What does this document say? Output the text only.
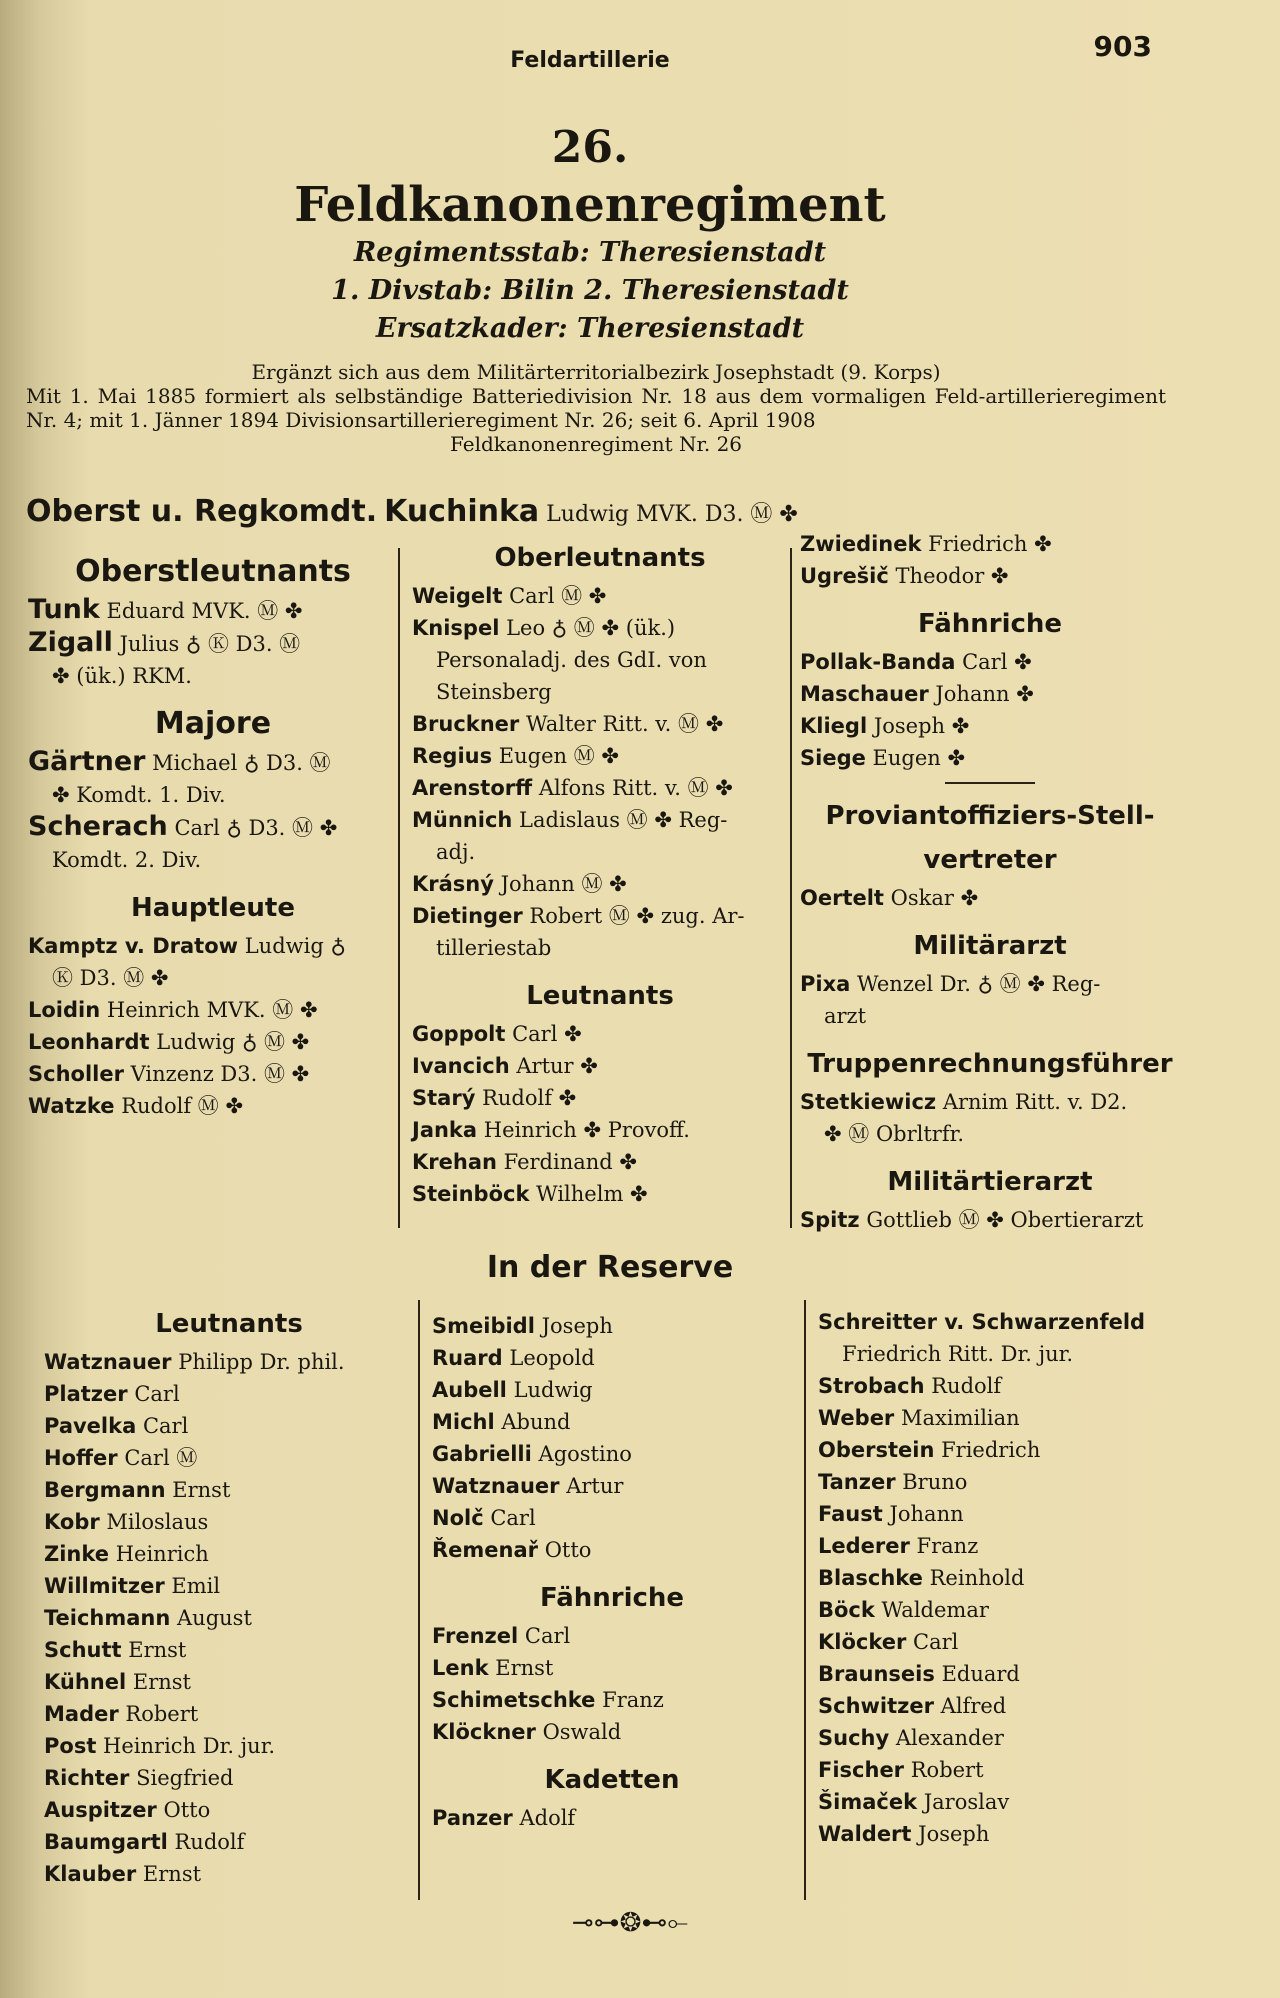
Feldartillerie	903
26.
Feldkanonenregiment
Regimentsstab: Theresienstadt
1. Divstab: Bilin 2. Theresienstadt
Ersatzkader: Theresienstadt
Ergänzt sich aus dem Militärterritorialbezirk Josephstadt (9. Korps)
Mit 1. Mai 1885 formiert als selbständige Batteriedivision Nr. 18 aus dem vormaligen Feld-artillerieregiment Nr. 4; mit 1. Jänner 1894 Divisionsartillerieregiment Nr. 26; seit 6. April 1908
Feldkanonenregiment Nr. 26
Oberst u. Regkomdt. Kuchinka Ludwig MVK. D3. Ⓜ ✤
Oberstleutnants
Tunk Eduard MVK. Ⓜ ✤
Zigall Julius ♁ Ⓚ D3. Ⓜ
✤ (ük.) RKM.
Majore
Gärtner Michael ♁ D3. Ⓜ
✤ Komdt. 1. Div.
Scherach Carl ♁ D3. Ⓜ ✤
Komdt. 2. Div.
Hauptleute
Kamptz v. Dratow Ludwig ♁
Ⓚ D3. Ⓜ ✤
Loidin Heinrich MVK. Ⓜ ✤
Leonhardt Ludwig ♁ Ⓜ ✤
Scholler Vinzenz D3. Ⓜ ✤
Watzke Rudolf Ⓜ ✤
Oberleutnants
Weigelt Carl Ⓜ ✤
Knispel Leo ♁ Ⓜ ✤ (ük.)
Personaladj. des GdI. von Steinsberg
Bruckner Walter Ritt. v. Ⓜ ✤
Regius Eugen Ⓜ ✤
Arenstorff Alfons Ritt. v. Ⓜ ✤
Münnich Ladislaus Ⓜ ✤ Reg-
adj.
Krásný Johann Ⓜ ✤
Dietinger Robert Ⓜ ✤ zug. Ar-
tilleriestab
Leutnants
Goppolt Carl ✤
Ivancich Artur ✤
Starý Rudolf ✤
Janka Heinrich ✤ Provoff.
Krehan Ferdinand ✤
Steinböck Wilhelm ✤
Zwiedinek Friedrich ✤
Ugrešič Theodor ✤
Fähnriche
Pollak-Banda Carl ✤
Maschauer Johann ✤
Kliegl Joseph ✤
Siege Eugen ✤
Proviantoffiziers-Stell-vertreter
Oertelt Oskar ✤
Militärarzt
Pixa Wenzel Dr. ♁ Ⓜ ✤ Reg-
arzt
Truppenrechnungsführer
Stetkiewicz Arnim Ritt. v. D2.
✤ Ⓜ Obrltrfr.
Militärtierarzt
Spitz Gottlieb Ⓜ ✤ Obertierarzt
In der Reserve
Leutnants
Watznauer Philipp Dr. phil.
Platzer Carl
Pavelka Carl
Hoffer Carl Ⓜ
Bergmann Ernst
Kobr Miloslaus
Zinke Heinrich
Willmitzer Emil
Teichmann August
Schutt Ernst
Kühnel Ernst
Mader Robert
Post Heinrich Dr. jur.
Richter Siegfried
Auspitzer Otto
Baumgartl Rudolf
Klauber Ernst
Smeibidl Joseph
Ruard Leopold
Aubell Ludwig
Michl Abund
Gabrielli Agostino
Watznauer Artur
Nolč Carl
Řemenař Otto
Fähnriche
Frenzel Carl
Lenk Ernst
Schimetschke Franz
Klöckner Oswald
Kadetten
Panzer Adolf
Schreitter v. Schwarzenfeld
Friedrich Ritt. Dr. jur.
Strobach Rudolf
Weber Maximilian
Oberstein Friedrich
Tanzer Bruno
Faust Johann
Lederer Franz
Blaschke Reinhold
Böck Waldemar
Klöcker Carl
Braunseis Eduard
Schwitzer Alfred
Suchy Alexander
Fischer Robert
Šimaček Jaroslav
Waldert Joseph
⊸⊶❂⊷⟜
